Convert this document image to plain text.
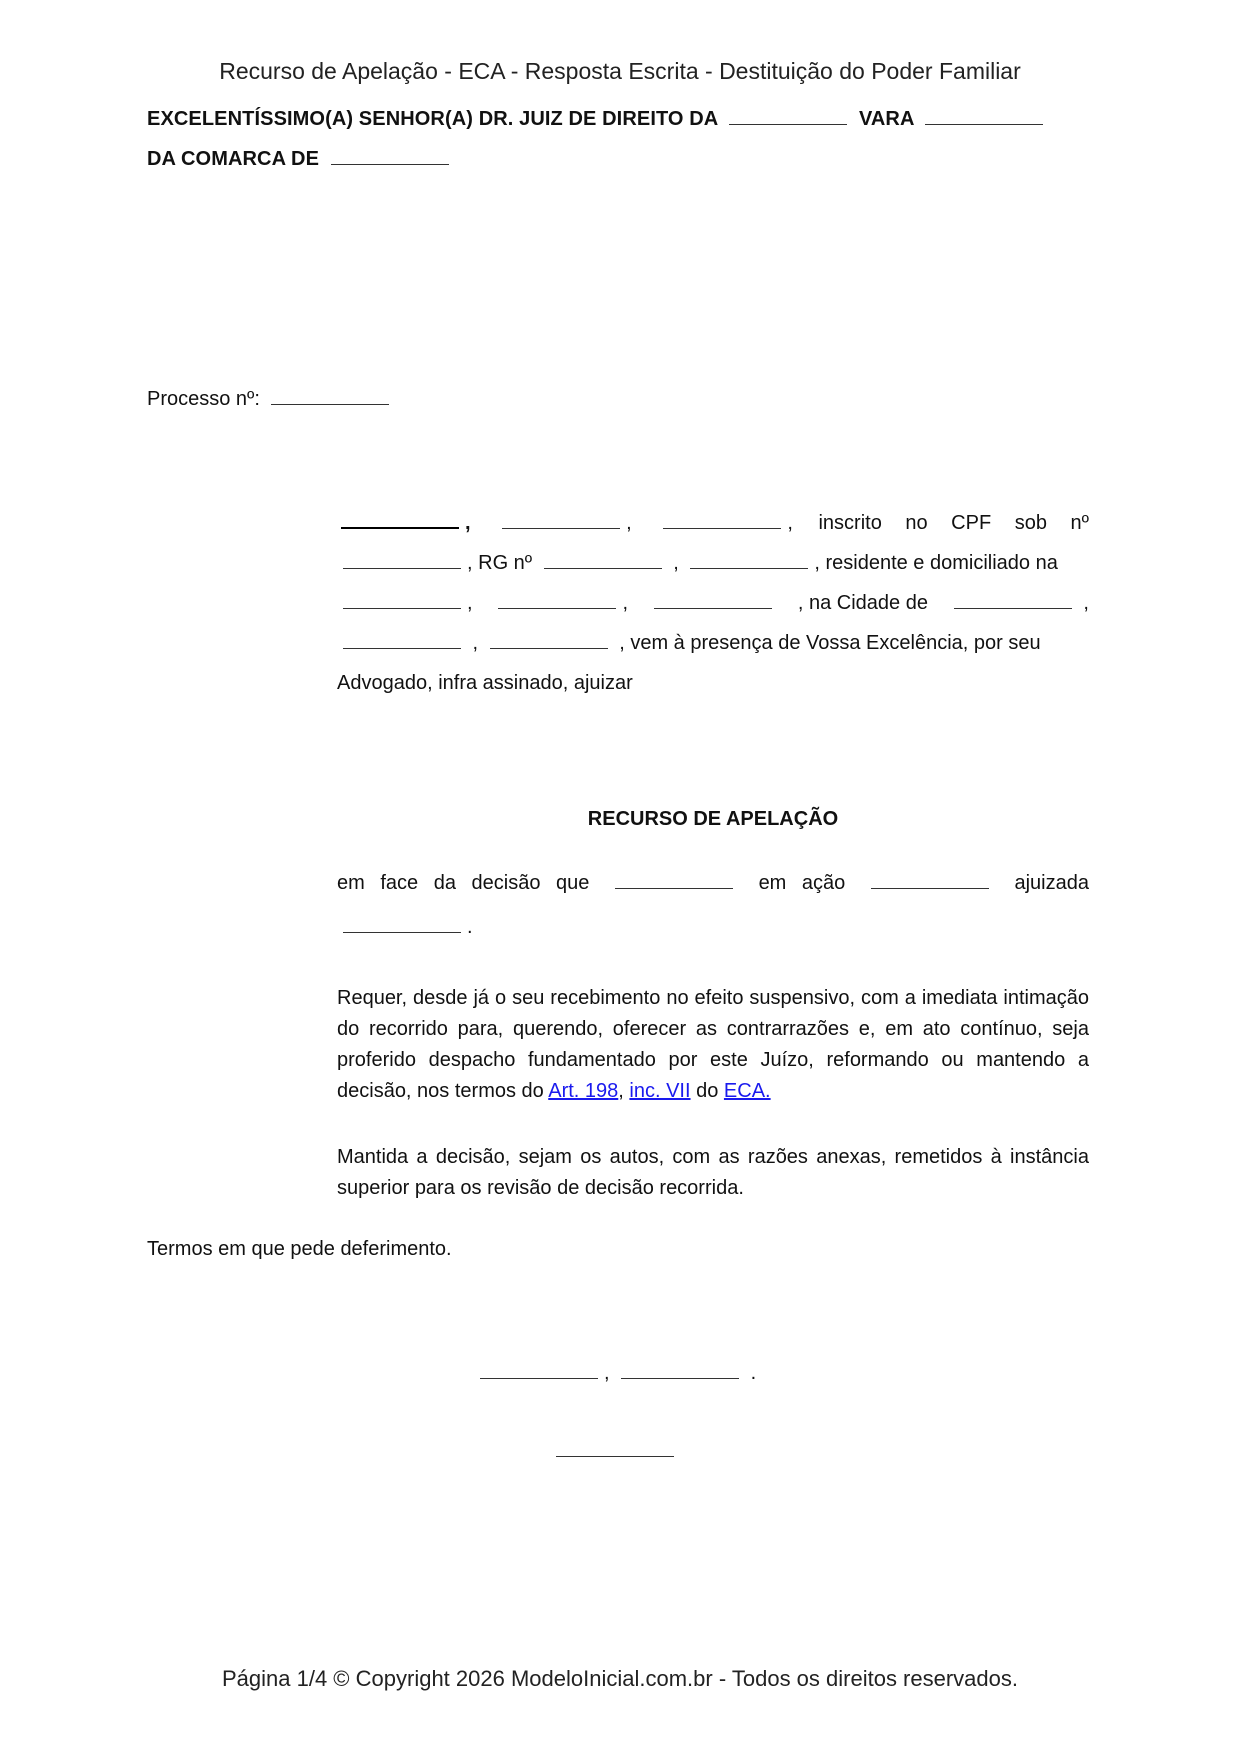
Recurso de Apelação - ECA - Resposta Escrita - Destituição do Poder Familiar
EXCELENTÍSSIMO(A) SENHOR(A) DR. JUIZ DE DIREITO DA	VARA
DA COMARCA DE
Processo nº:
,	,	, inscrito no CPF sob nº
, RG nº	,	, residente e domiciliado na
,	,	, na Cidade de	,
,	, vem à presença de Vossa Excelência, por seu
Advogado, infra assinado, ajuizar
RECURSO DE APELAÇÃO
em face da decisão que	em ação	ajuizada
.
Requer, desde já o seu recebimento no efeito suspensivo, com a imediata intimação do recorrido para, querendo, oferecer as contrarrazões e, em ato contínuo, seja proferido despacho fundamentado por este Juízo, reformando ou mantendo a decisão, nos termos do Art. 198, inc. VII do ECA.
Mantida a decisão, sejam os autos, com as razões anexas, remetidos à instância superior para os revisão de decisão recorrida.
Termos em que pede deferimento.
,	.
Página 1/4 © Copyright 2026 ModeloInicial.com.br - Todos os direitos reservados.
